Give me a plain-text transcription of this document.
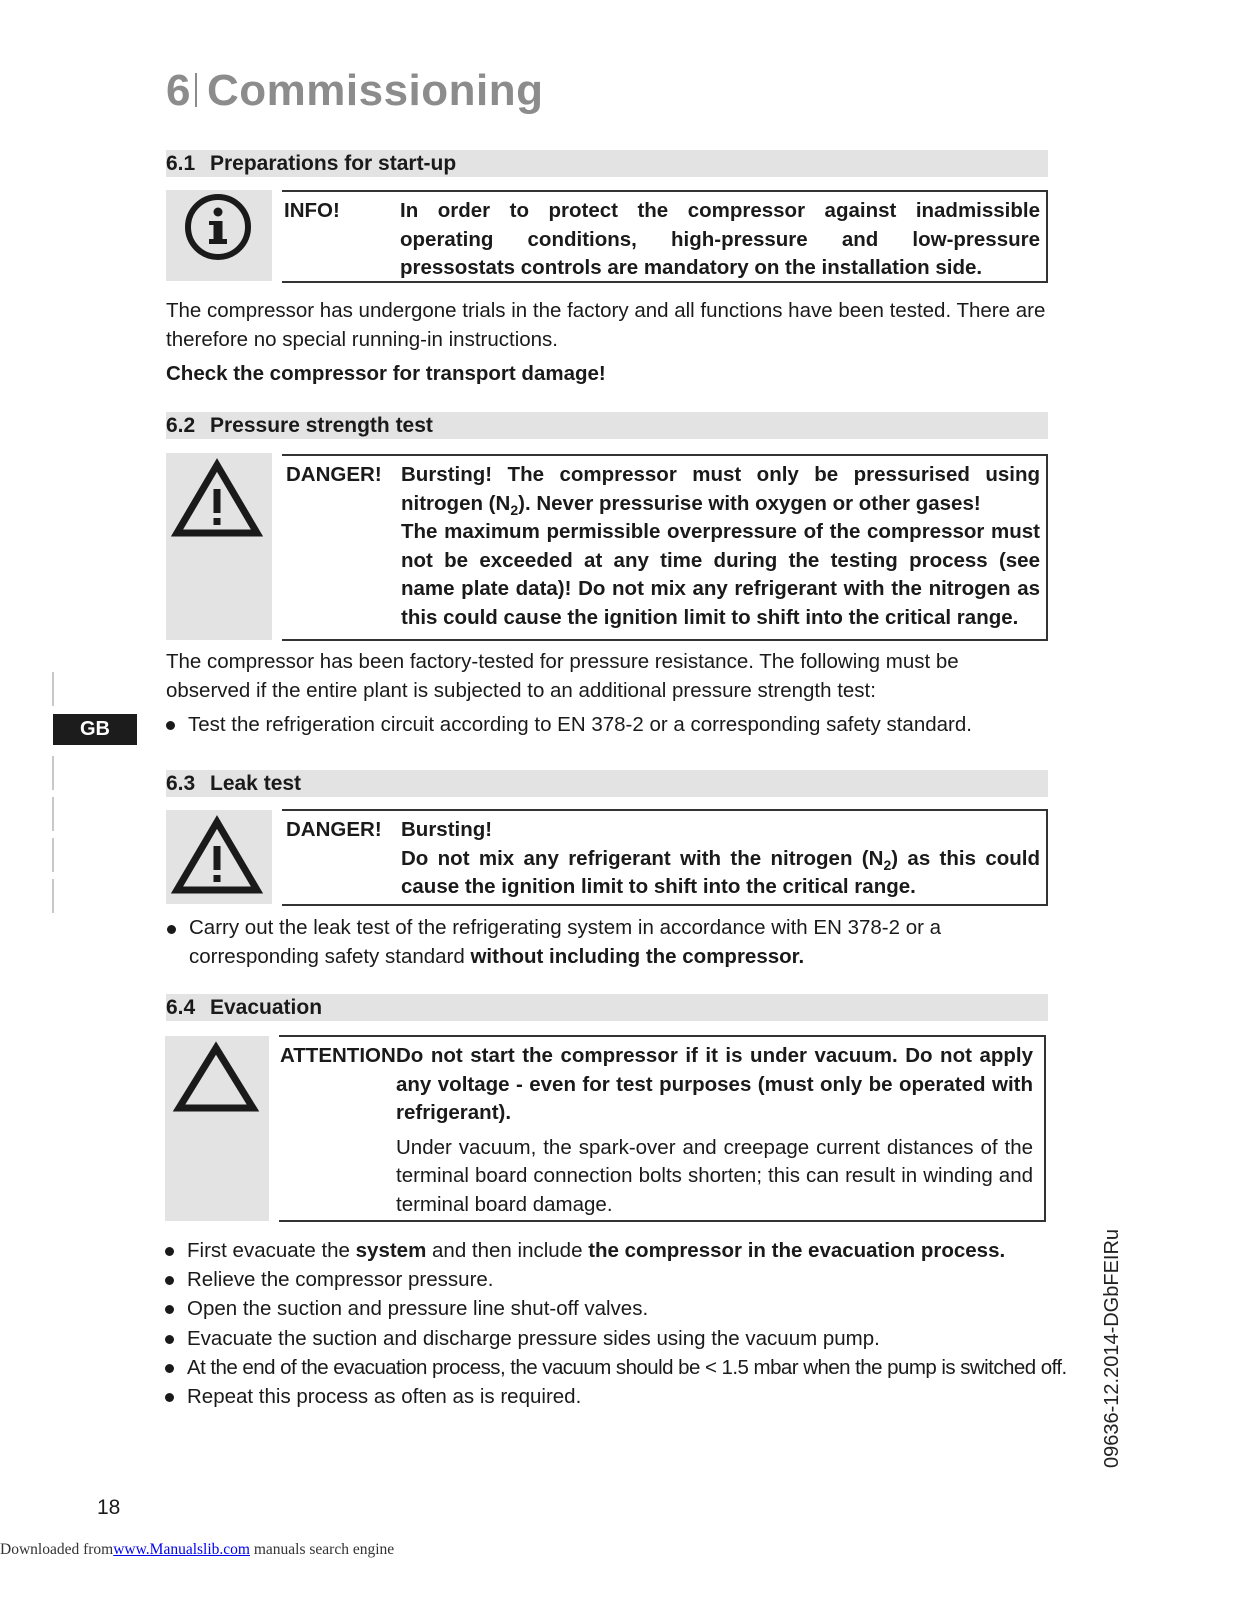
6 Commissioning
GB
6.1 Preparations for start-up
INFO!	In order to protect the compressor against inadmissible operating conditions, high-pressure and low-pressure pressostats controls are mandatory on the installation side.
The compressor has undergone trials in the factory and all functions have been tested. There are therefore no special running-in instructions.
Check the compressor for transport damage!
6.2 Pressure strength test
DANGER! Bursting! The compressor must only be pressurised using nitrogen $(N_2)$. Never pressurise with oxygen or other gases!

The maximum permissible overpressure of the compressor must not be exceeded at any time during the testing process (see name plate data)! Do not mix any refrigerant with the nitrogen as this could cause the ignition limit to shift into the critical range.

The compressor has been factory-tested for pressure resistance. The following must be observed if the entire plant is subjected to an additional pressure strength test:
Test the refrigeration circuit according to EN 378-2 or a corresponding safety standard.
6.3 Leak test
DANGER! Bursting!

Do not mix any refrigerant with the nitrogen $(N_2)$ as this could cause the ignition limit to shift into the critical range.

Carry out the leak test of the refrigerating system in accordance with EN 378-2 or a corresponding safety standard without including the compressor.
6.4 Evacuation
ATTENTION!

Do not start the compressor if it is under vacuum. Do not apply any voltage - even for test purposes (must only be operated with refrigerant).

Under vacuum, the spark-over and creepage current distances of the terminal board connection bolts shorten; this can result in winding and terminal board damage.

First evacuate the system and then include the compressor in the evacuation process.
Relieve the compressor pressure.
Open the suction and pressure line shut-off valves.
Evacuate the suction and discharge pressure sides using the vacuum pump.
At the end of the evacuation process, the vacuum should be < 1.5 mbar when the pump is switched off.
Repeat this process as often as is required.	09636-12.2014-DGbFEIRu
18
Downloaded fromwww.Manualslib.com manuals search engine
